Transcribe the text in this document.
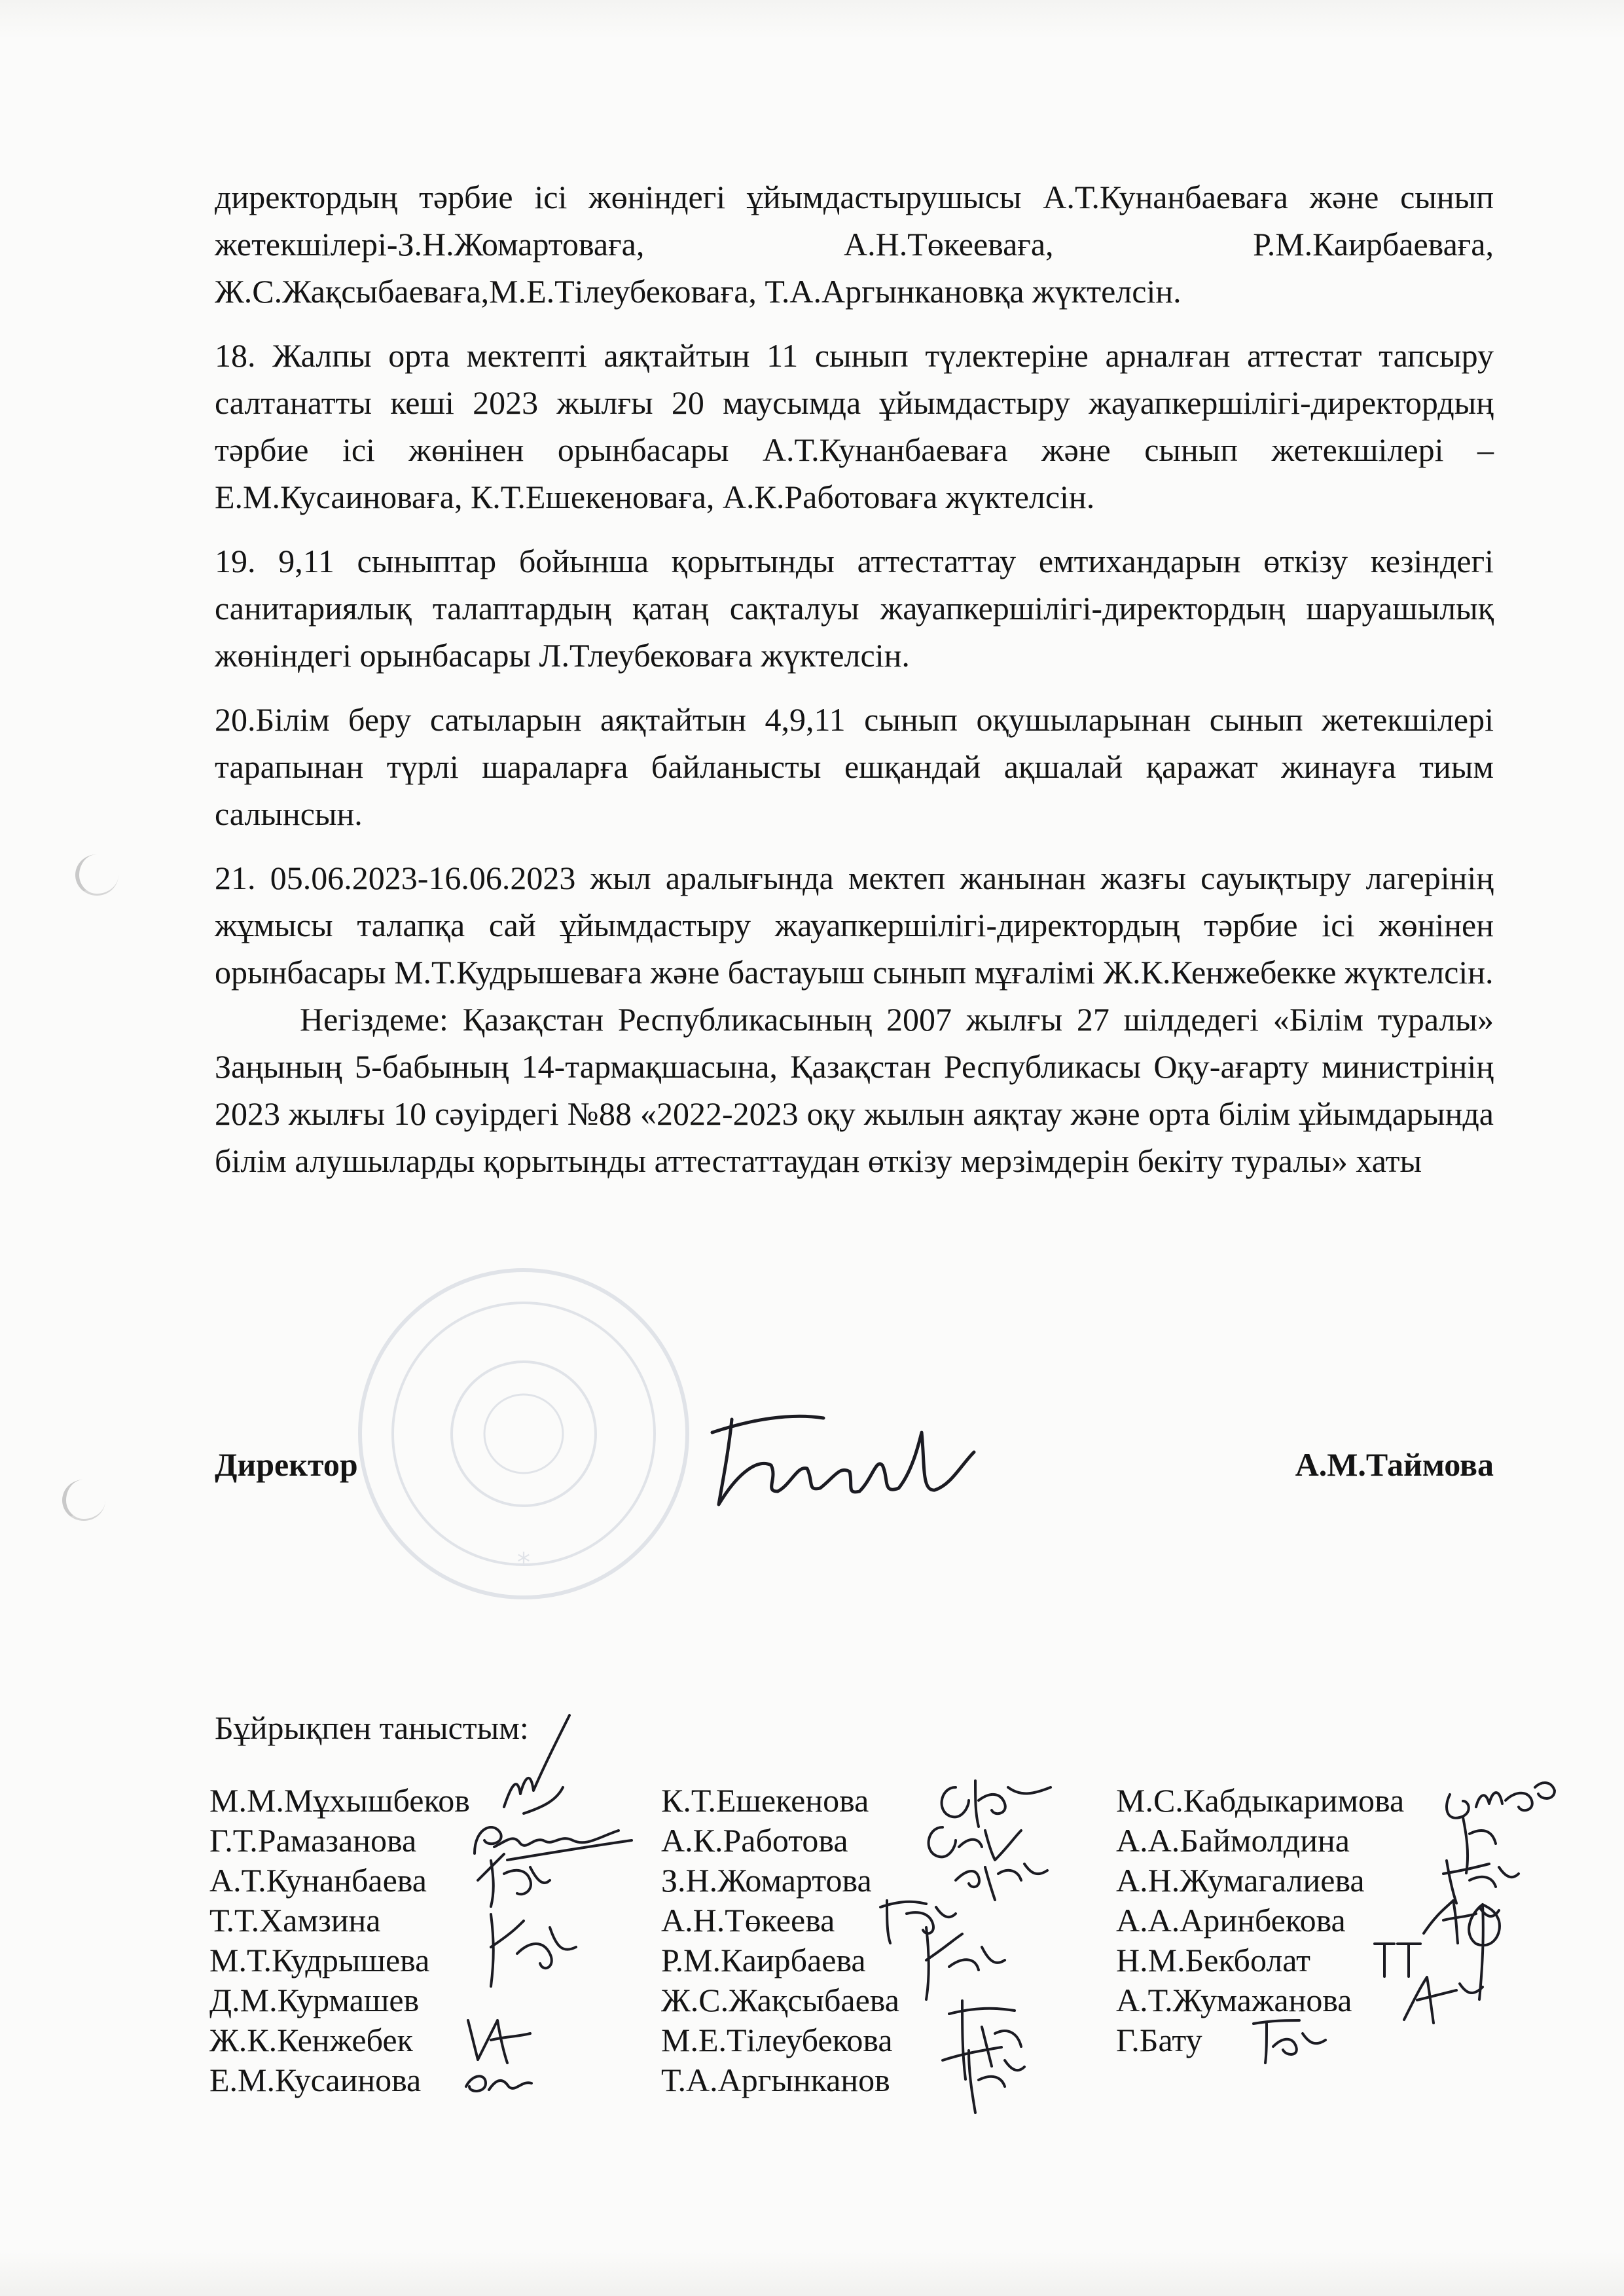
*

директордың тәрбие ісі жөніндегі ұйымдастырушысы А.Т.Кунанбаеваға және сынып жетекшілері-З.Н.Жомартоваға, А.Н.Төкееваға, Р.М.Каирбаеваға, Ж.С.Жақсыбаеваға,М.Е.Тілеубековаға, Т.А.Аргынкановқа жүктелсін.

18. Жалпы орта мектепті аяқтайтын 11 сынып түлектеріне арналған аттестат тапсыру салтанатты кеші 2023 жылғы 20 маусымда ұйымдастыру жауапкершілігі-директордың тәрбие ісі жөнінен орынбасары А.Т.Кунанбаеваға және сынып жетекшілері –Е.М.Кусаиноваға, К.Т.Ешекеноваға, А.К.Работоваға жүктелсін.

19. 9,11 сыныптар бойынша қорытынды аттестаттау емтихандарын өткізу кезіндегі санитариялық талаптардың қатаң сақталуы жауапкершілігі-директордың шаруашылық жөніндегі орынбасары Л.Тлеубековаға жүктелсін.

20.Білім беру сатыларын аяқтайтын 4,9,11 сынып оқушыларынан сынып жетекшілері тарапынан түрлі шараларға байланысты ешқандай ақшалай қаражат жинауға тиым салынсын.

21. 05.06.2023-16.06.2023 жыл аралығында мектеп жанынан жазғы сауықтыру лагерінің жұмысы талапқа сай ұйымдастыру жауапкершілігі-директордың тәрбие ісі жөнінен орынбасары М.Т.Кудрышеваға және бастауыш сынып мұғалімі Ж.К.Кенжебекке жүктелсін.

Негіздеме: Қазақстан Республикасының 2007 жылғы 27 шілдедегі «Білім туралы» Заңының 5-бабының 14-тармақшасына, Қазақстан Республикасы Оқу-ағарту министрінің 2023 жылғы 10 сәуірдегі №88 «2022-2023 оқу жылын аяқтау және орта білім ұйымдарында білім алушыларды қорытынды аттестаттаудан өткізу мерзімдерін бекіту туралы» хаты

Директор	А.М.Таймова
Бұйрықпен таныстым:
М.М.Мұхышбеков
Г.Т.Рамазанова
А.Т.Кунанбаева
Т.Т.Хамзина
М.Т.Кудрышева
Д.М.Курмашев
Ж.К.Кенжебек
Е.М.Кусаинова
К.Т.Ешекенова
А.К.Работова
З.Н.Жомартова
А.Н.Төкеева
Р.М.Каирбаева
Ж.С.Жақсыбаева
М.Е.Тілеубекова
Т.А.Аргынканов
М.С.Кабдыкаримова
А.А.Баймолдина
А.Н.Жумагалиева
А.А.Аринбекова
Н.М.Бекболат
А.Т.Жумажанова
Г.Бату
